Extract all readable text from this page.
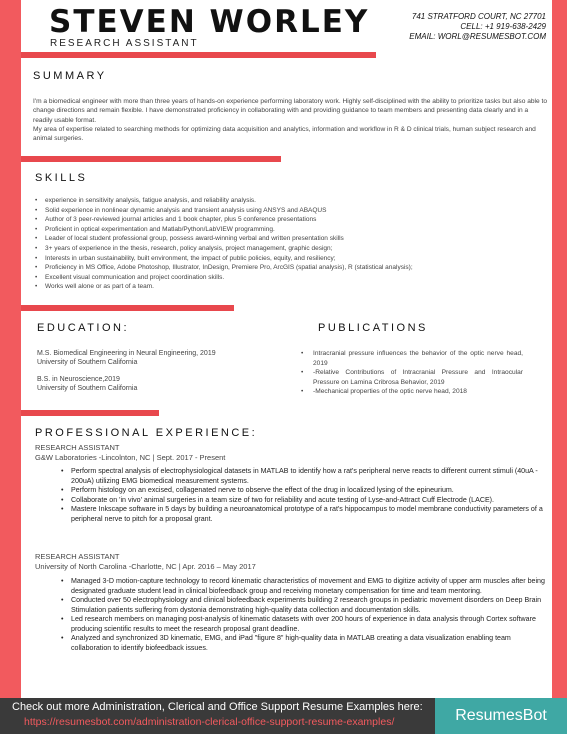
STEVEN WORLEY
RESEARCH ASSISTANT
741 STRATFORD COURT, NC 27701
CELL: +1 919-638-2429
EMAIL: WORL@RESUMESBOT.COM
SUMMARY
I'm a biomedical engineer with more than three years of hands-on experience performing laboratory work. Highly self-disciplined with the ability to prioritize tasks but also able to change directions and remain flexible. I have demonstrated proficiency in collaborating with and providing guidance to team members and presenting data clearly and in a readily usable format.
My area of expertise related to searching methods for optimizing data acquisition and analytics, information and workflow in R & D clinical trials, human subject research and animal surgeries.
SKILLS
• experience in sensitivity analysis, fatigue analysis, and reliability analysis.
• Solid experience in nonlinear dynamic analysis and transient analysis using ANSYS and ABAQUS
• Author of 3 peer-reviewed journal articles and 1 book chapter, plus 5 conference presentations
• Proficient in optical experimentation and Matlab/Python/LabVIEW programming.
• Leader of local student professional group, possess award-winning verbal and written presentation skills
• 3+ years of experience in the thesis, research, policy analysis, project management, graphic design;
• Interests in urban sustainability, built environment, the impact of public policies, equity, and resiliency;
• Proficiency in MS Office, Adobe Photoshop, Illustrator, InDesign, Premiere Pro, ArcGIS (spatial analysis), R (statistical analysis);
• Excellent visual communication and project coordination skills.
• Works well alone or as part of a team.
EDUCATION:
M.S. Biomedical Engineering in Neural Engineering, 2019
University of Southern California
B.S. in Neuroscience,2019
University of Southern California
PUBLICATIONS
• Intracranial pressure influences the behavior of the optic nerve head, 2019
• -Relative Contributions of Intracranial Pressure and Intraocular Pressure on Lamina Cribrosa Behavior, 2019
• -Mechanical properties of the optic nerve head, 2018
PROFESSIONAL EXPERIENCE:
RESEARCH ASSISTANT
G&W Laboratories -Lincolnton, NC | Sept. 2017 - Present
• Perform spectral analysis of electrophysiological datasets in MATLAB to identify how a rat's peripheral nerve reacts to different current stimuli (40uA - 200uA) utilizing EMG biomedical measurement systems.
• Perform histology on an excised, collagenated nerve to observe the effect of the drug in localized lysing of the epineurium.
• Collaborate on 'in vivo' animal surgeries in a team size of two for reliability and acute testing of Lyse-and-Attract Cuff Electrode (LACE).
• Mastere Inkscape software in 5 days by building a neuroanatomical prototype of a rat's hippocampus to model membrane conductivity parameters of a peripheral nerve to pitch for a proposal grant.
RESEARCH ASSISTANT
University of North Carolina -Charlotte, NC | Apr. 2016 – May 2017
• Managed 3-D motion-capture technology to record kinematic characteristics of movement and EMG to digitize activity of upper arm muscles after being designated graduate student lead in clinical biofeedback group and receiving monetary compensation for time and team mentoring.
• Conducted over 50 electrophysiology and clinical biofeedback experiments building 2 research groups in pediatric movement disorders on Deep Brain Stimulation patients suffering from dystonia demonstrating high-quality data collection and documentation skills.
• Led research members on managing post-analysis of kinematic datasets with over 200 hours of experience in data analysis through Cortex software producing scientific results to meet the research proposal grant deadline.
• Analyzed and synchronized 3D kinematic, EMG, and iPad "figure 8" high-quality data in MATLAB creating a data visualization enabling team collaboration to identify biofeedback issues.
Check out more Administration, Clerical and Office Support Resume Examples here:
https://resumesbot.com/administration-clerical-office-support-resume-examples/	ResumesBot
